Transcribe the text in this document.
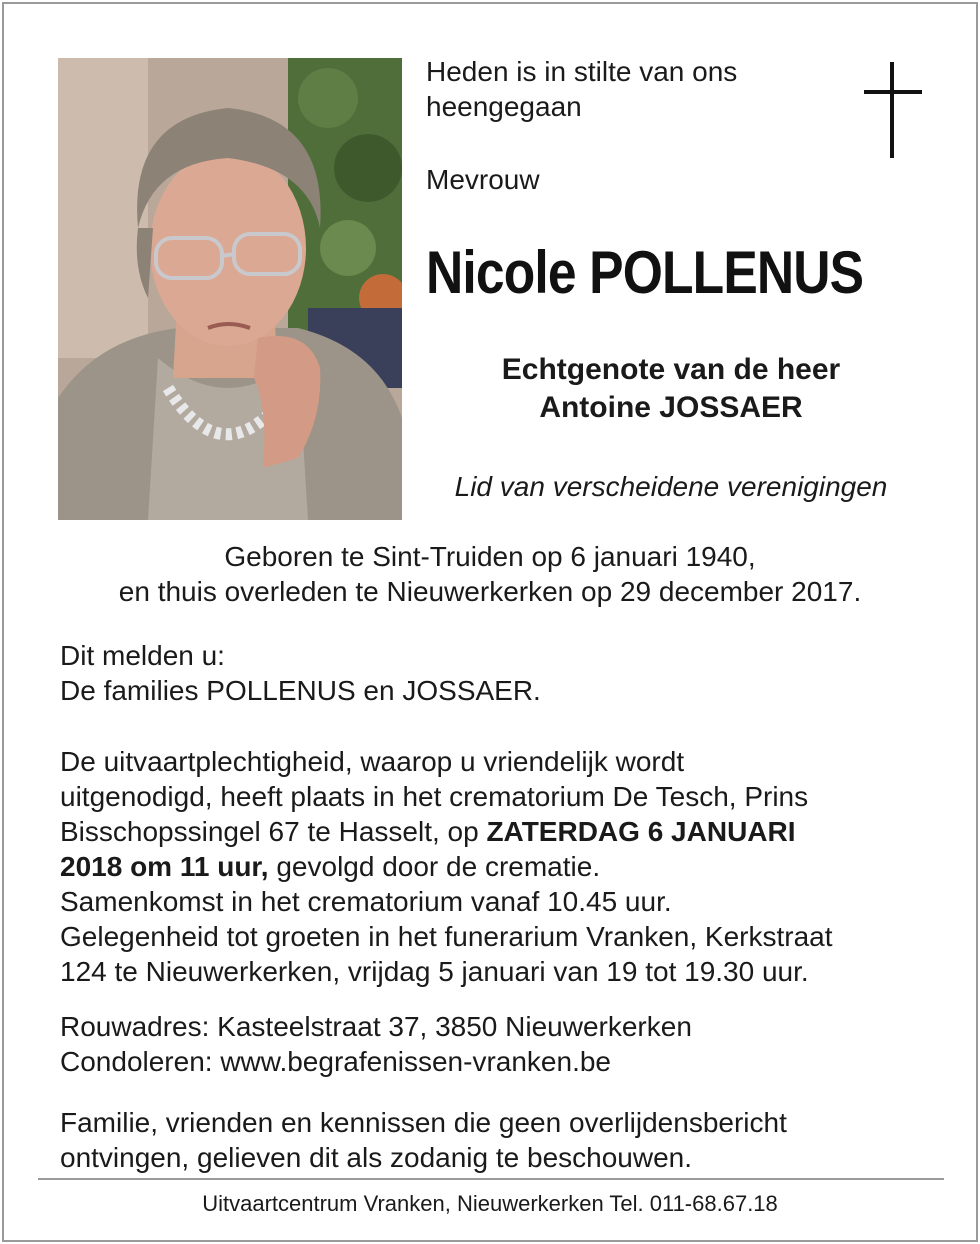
Heden is in stilte van ons
heengegaan
Mevrouw
Nicole POLLENUS
Echtgenote van de heer
Antoine JOSSAER
Lid van verscheidene verenigingen
Geboren te Sint-Truiden op 6 januari 1940,
en thuis overleden te Nieuwerkerken op 29 december 2017.
Dit melden u:
De families POLLENUS en JOSSAER.
De uitvaartplechtigheid, waarop u vriendelijk wordt
uitgenodigd, heeft plaats in het crematorium De Tesch, Prins
Bisschopssingel 67 te Hasselt, op ZATERDAG 6 JANUARI
2018 om 11 uur, gevolgd door de crematie.
Samenkomst in het crematorium vanaf 10.45 uur.
Gelegenheid tot groeten in het funerarium Vranken, Kerkstraat
124 te Nieuwerkerken, vrijdag 5 januari van 19 tot 19.30 uur.
Rouwadres: Kasteelstraat 37, 3850 Nieuwerkerken
Condoleren: www.begrafenissen-vranken.be
Familie, vrienden en kennissen die geen overlijdensbericht
ontvingen, gelieven dit als zodanig te beschouwen.
Uitvaartcentrum Vranken, Nieuwerkerken Tel. 011-68.67.18
